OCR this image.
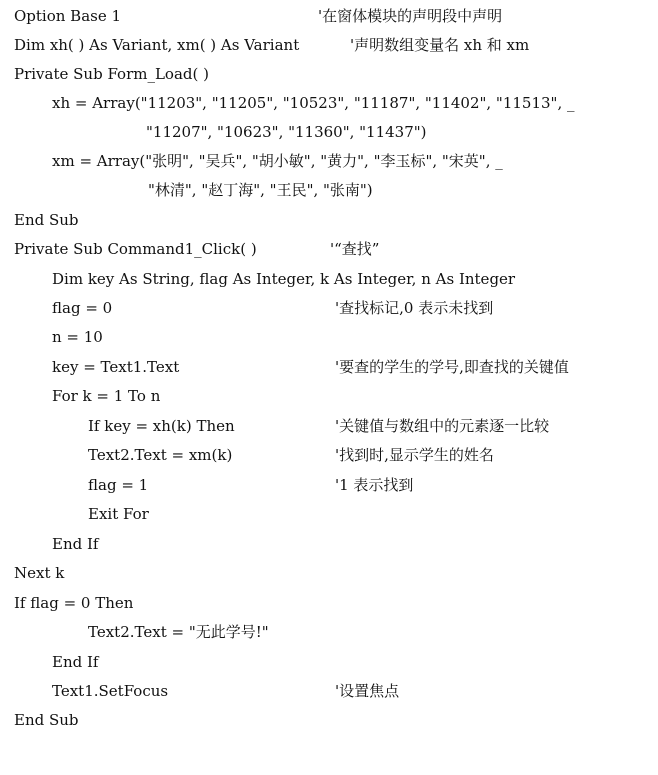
Option Base 1

	'在窗体模块的声明段中声明

Dim xh( ) As Variant, xm( ) As Variant

	'声明数组变量名 xh 和 xm

Private Sub Form_Load( )

xh = Array("11203", "11205", "10523", "11187", "11402", "11513", _

"11207", "10623", "11360", "11437")

xm = Array("张明", "吴兵", "胡小敏", "黄力", "李玉标", "宋英", _

"林清", "赵丁海", "王民", "张南")

End Sub

Private Sub Command1_Click( )

	'“查找”

Dim key As String, flag As Integer, k As Integer, n As Integer

flag = 0

	'查找标记,0 表示未找到

n = 10

key = Text1.Text

	'要查的学生的学号,即查找的关键值

For k = 1 To n

If key = xh(k) Then

	'关键值与数组中的元素逐一比较

Text2.Text = xm(k)

	'找到时,显示学生的姓名

flag = 1

	'1 表示找到

Exit For

End If

Next k

If flag = 0 Then

Text2.Text = "无此学号!"

End If

Text1.SetFocus

	'设置焦点

End Sub
